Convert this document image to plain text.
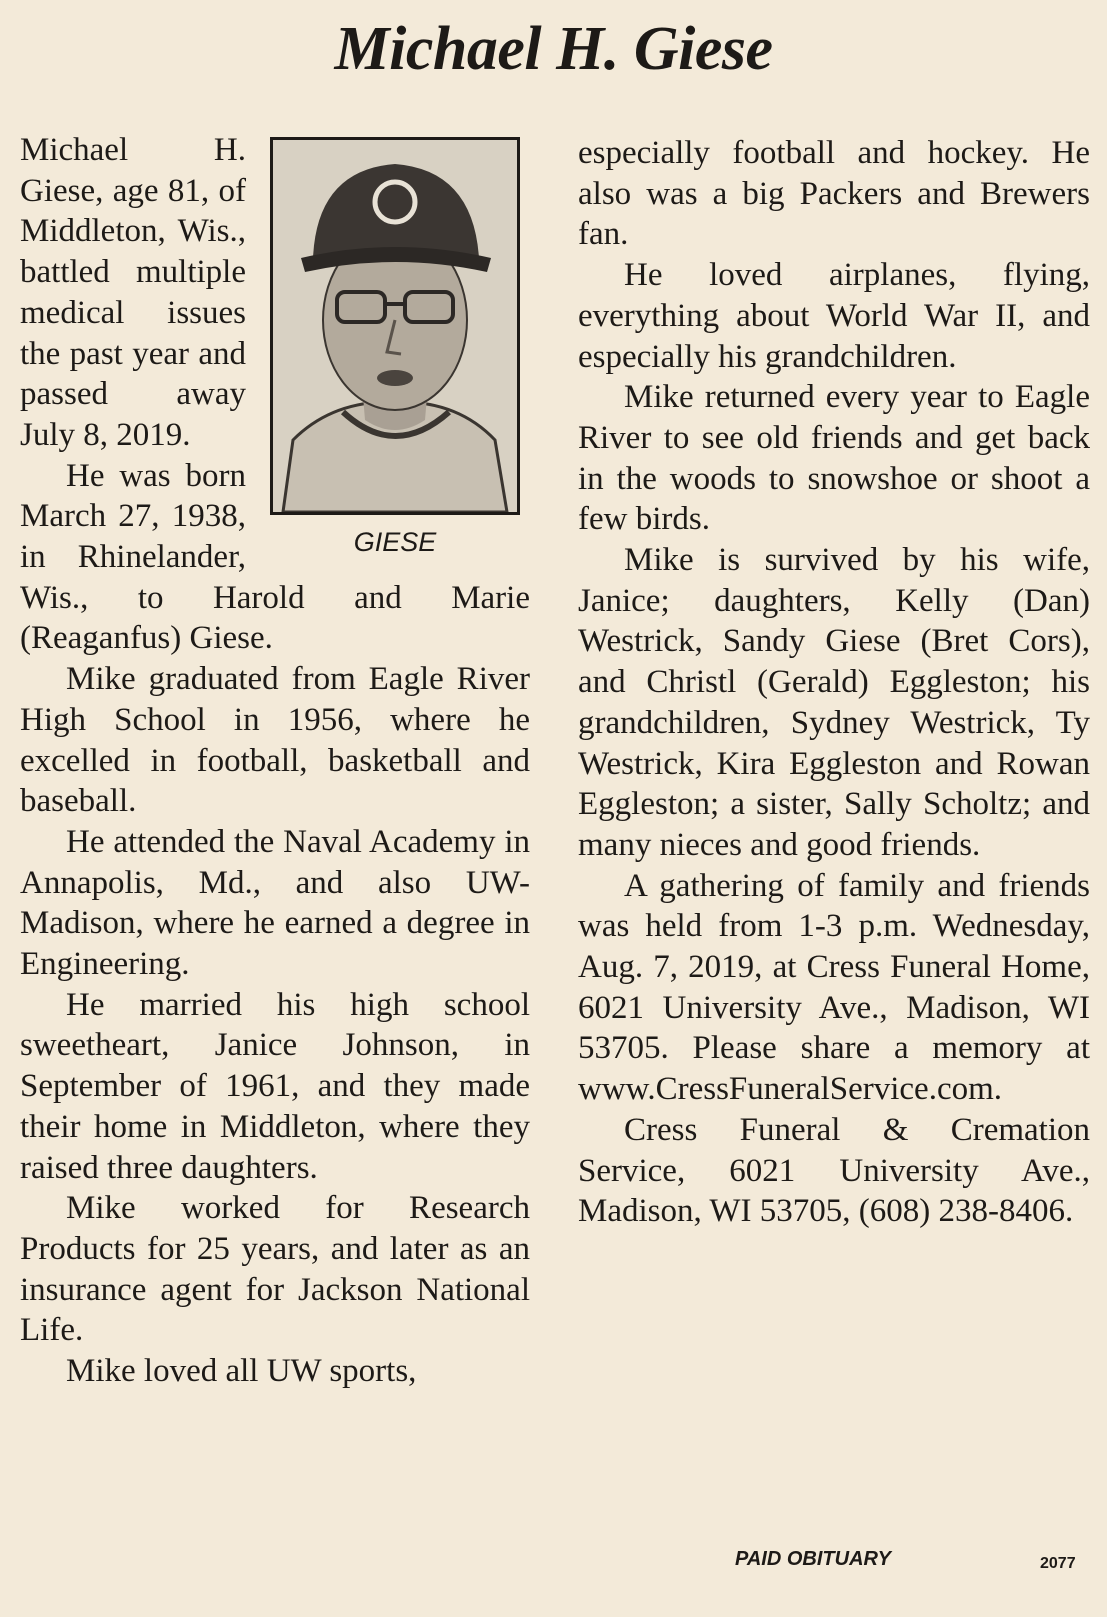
Michael H. Giese
GIESE

Michael H. Giese, age 81, of Middleton, Wis., battled multiple medical issues the past year and passed away July 8, 2019.

He was born March 27, 1938, in Rhinelander, Wis., to Harold and Marie (Reaganfus) Giese.

Mike graduated from Eagle River High School in 1956, where he excelled in football, basketball and baseball.

He attended the Naval Academy in Annapolis, Md., and also UW-Madison, where he earned a degree in Engineering.

He married his high school sweetheart, Janice Johnson, in September of 1961, and they made their home in Middleton, where they raised three daughters.

Mike worked for Research Products for 25 years, and later as an insurance agent for Jackson National Life.

Mike loved all UW sports,

especially football and hockey. He also was a big Packers and Brewers fan.

He loved airplanes, flying, everything about World War II, and especially his grandchildren.

Mike returned every year to Eagle River to see old friends and get back in the woods to snowshoe or shoot a few birds.

Mike is survived by his wife, Janice; daughters, Kelly (Dan) Westrick, Sandy Giese (Bret Cors), and Christl (Gerald) Eggleston; his grandchildren, Sydney Westrick, Ty Westrick, Kira Eggleston and Rowan Eggleston; a sister, Sally Scholtz; and many nieces and good friends.

A gathering of family and friends was held from 1-3 p.m. Wednesday, Aug. 7, 2019, at Cress Funeral Home, 6021 University Ave., Madison, WI 53705. Please share a memory at www.CressFuneralService.com.

Cress Funeral & Cremation Service, 6021 University Ave., Madison, WI 53705, (608) 238-8406.

PAID OBITUARY	2077
